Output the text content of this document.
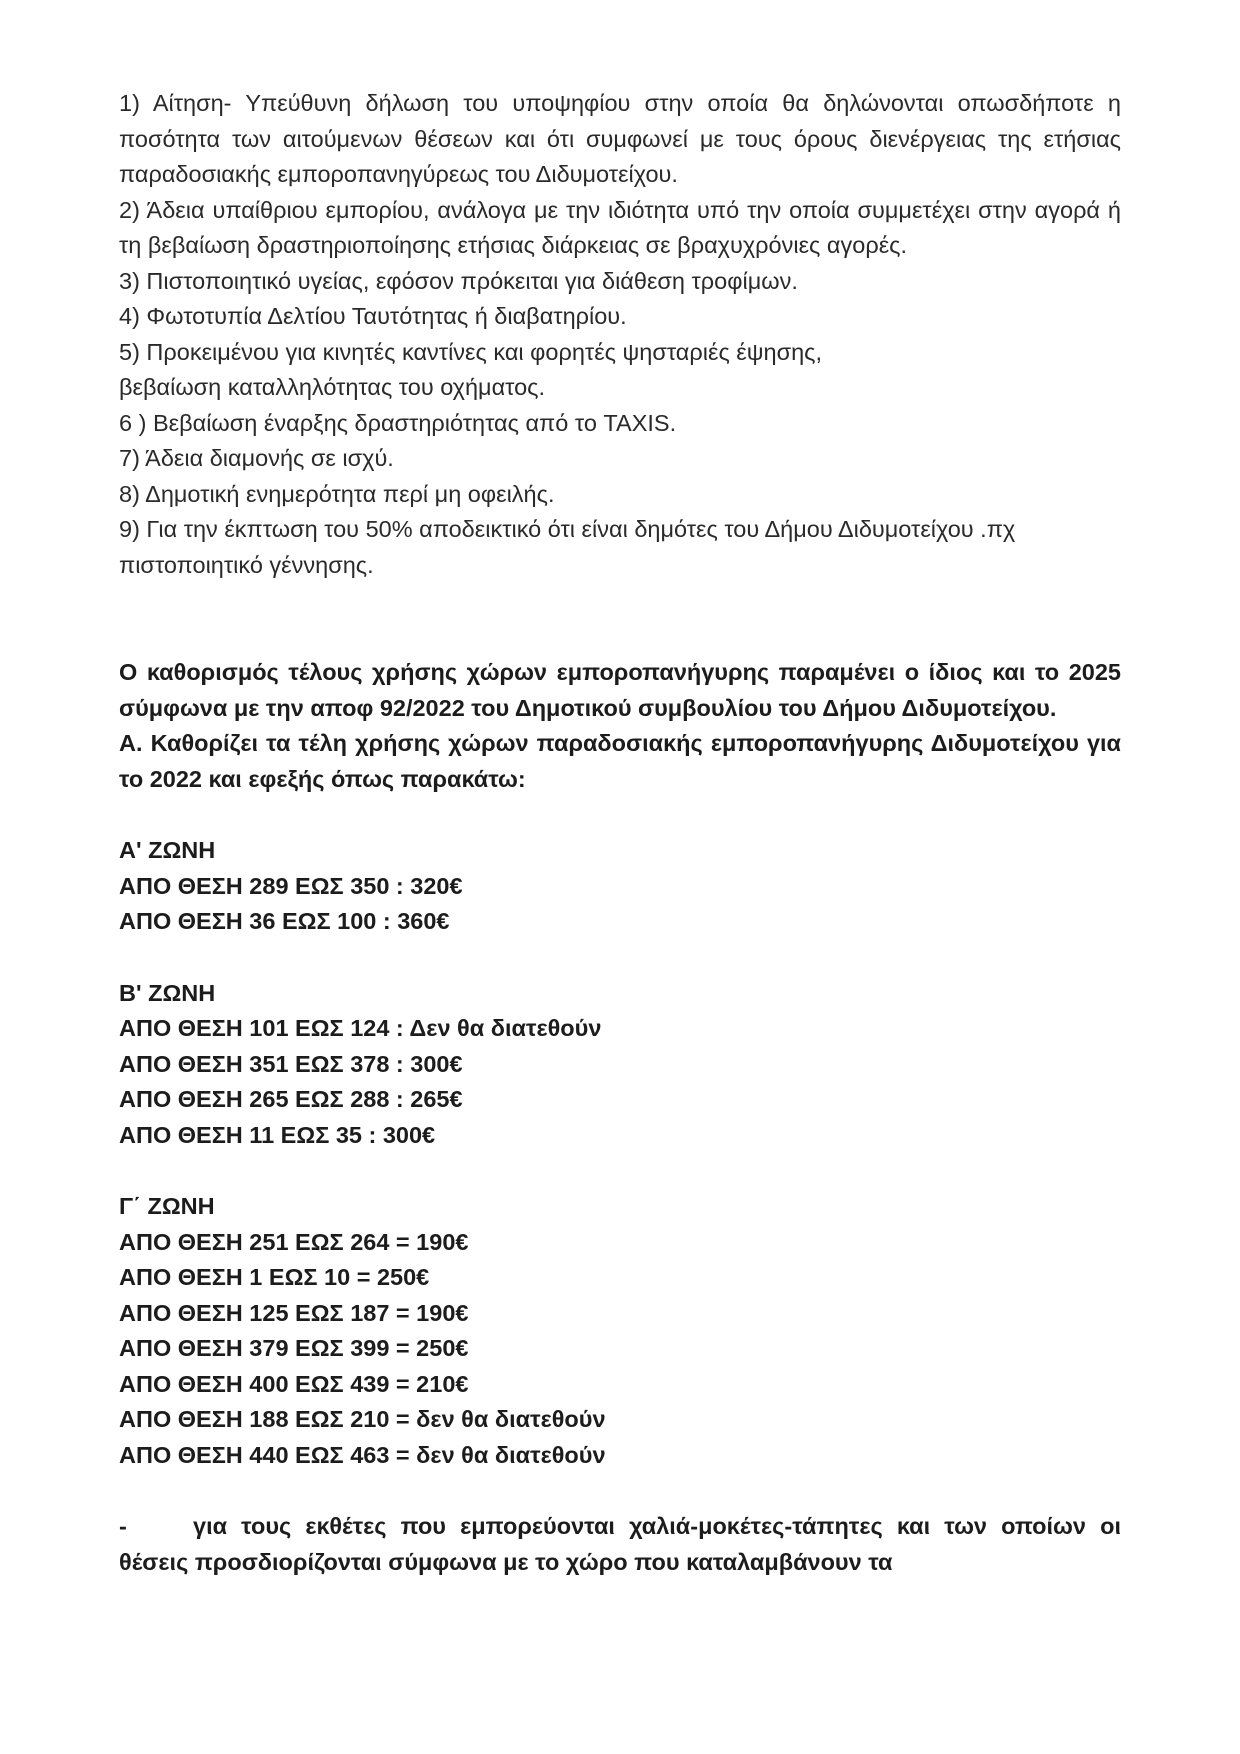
1) Αίτηση- Υπεύθυνη δήλωση του υποψηφίου στην οποία θα δηλώνονται οπωσδήποτε η ποσότητα των αιτούμενων θέσεων και ότι συμφωνεί με τους όρους διενέργειας της ετήσιας παραδοσιακής εμποροπανηγύρεως του Διδυμοτείχου.

2) Άδεια υπαίθριου εμπορίου, ανάλογα με την ιδιότητα υπό την οποία συμμετέχει στην αγορά ή τη βεβαίωση δραστηριοποίησης ετήσιας διάρκειας σε βραχυχρόνιες αγορές.

3) Πιστοποιητικό υγείας, εφόσον πρόκειται για διάθεση τροφίμων.

4) Φωτοτυπία Δελτίου Ταυτότητας ή διαβατηρίου.

5) Προκειμένου για κινητές καντίνες και φορητές ψησταριές έψησης,

βεβαίωση καταλληλότητας του οχήματος.

6 ) Βεβαίωση έναρξης δραστηριότητας από το TAXIS.

7) Άδεια διαμονής σε ισχύ.

8) Δημοτική ενημερότητα περί μη οφειλής.

9) Για την έκπτωση του 50% αποδεικτικό ότι είναι δημότες του Δήμου Διδυμοτείχου .πχ πιστοποιητικό γέννησης.

Ο καθορισμός τέλους χρήσης χώρων εμποροπανήγυρης παραμένει ο ίδιος και το 2025 σύμφωνα με την αποφ 92/2022 του Δημοτικού συμβουλίου του Δήμου Διδυμοτείχου.

Α. Καθορίζει τα τέλη χρήσης χώρων παραδοσιακής εμποροπανήγυρης Διδυμοτείχου για το 2022 και εφεξής όπως παρακάτω:

Α' ΖΩΝΗ

ΑΠΟ ΘΕΣΗ 289 ΕΩΣ 350 : 320€

ΑΠΟ ΘΕΣΗ 36 ΕΩΣ 100 : 360€

Β' ΖΩΝΗ

ΑΠΟ ΘΕΣΗ 101 ΕΩΣ 124 : Δεν θα διατεθούν

ΑΠΟ ΘΕΣΗ 351 ΕΩΣ 378 : 300€

ΑΠΟ ΘΕΣΗ 265 ΕΩΣ 288 : 265€

ΑΠΟ ΘΕΣΗ 11 ΕΩΣ 35 : 300€

Γ΄ ΖΩΝΗ

ΑΠΟ ΘΕΣΗ 251 ΕΩΣ 264 = 190€

ΑΠΟ ΘΕΣΗ 1 ΕΩΣ 10 = 250€

ΑΠΟ ΘΕΣΗ 125 ΕΩΣ 187 = 190€

ΑΠΟ ΘΕΣΗ 379 ΕΩΣ 399 = 250€

ΑΠΟ ΘΕΣΗ 400 ΕΩΣ 439 = 210€

ΑΠΟ ΘΕΣΗ 188 ΕΩΣ 210 = δεν θα διατεθούν

ΑΠΟ ΘΕΣΗ 440 ΕΩΣ 463 = δεν θα διατεθούν

-	για τους εκθέτες που εμπορεύονται χαλιά-μοκέτες-τάπητες και των οποίων οι θέσεις προσδιορίζονται σύμφωνα με το χώρο που καταλαμβάνουν τα
